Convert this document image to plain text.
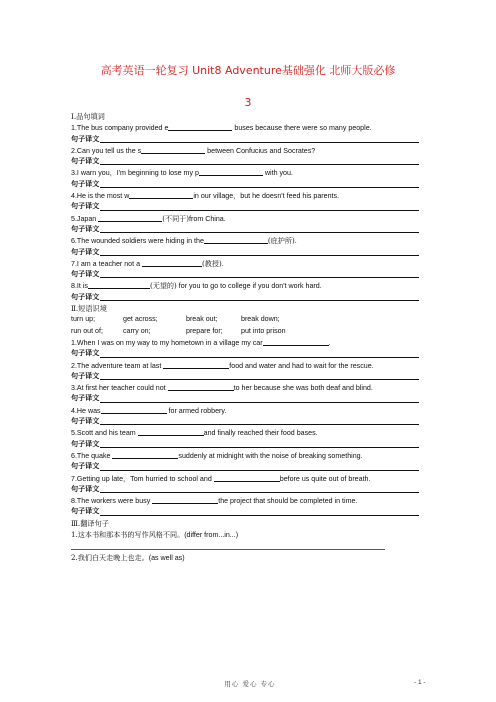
高考英语一轮复习 Unit8 Adventure基础强化 北师大版必修
3
Ⅰ.品句填词
1.The bus company provided e	buses because there were so many people.
句子译文
2.Can you tell us the s	between Confucius and Socrates?
句子译文
3.I warn you，I'm beginning to lose my p	with you.
句子译文
4.He is the most w	in our village，but he doesn't feed his parents.
句子译文
5.Japan	(不同于)from China.
句子译文
6.The wounded soldiers were hiding in the	(庇护所).
句子译文
7.I am a teacher not a	(教授).
句子译文
8.It is	(无望的) for you to go to college if you don't work hard.
句子译文
Ⅱ.短语识境
turn up;	get across;	break out;	break down;
run out of;	carry on;	prepare for;	put into prison
1.When I was on my way to my hometown in a village my car	.
句子译文
2.The adventure team at last	food and water and had to wait for the rescue.
句子译文
3.At first her teacher could not	to her because she was both deaf and blind.
句子译文
4.He was	for armed robbery.
句子译文
5.Scott and his team	and finally reached their food bases.
句子译文
6.The quake	suddenly at midnight with the noise of breaking something.
句子译文
7.Getting up late，Tom hurried to school and	before us quite out of breath.
句子译文
8.The workers were busy	the project that should be completed in time.
句子译文
Ⅲ.翻译句子
1.这本书和那本书的写作风格不同。(differ from...in...)
2.我们白天走晚上也走。(as well as)
用心 爱心 专心	- 1 -
